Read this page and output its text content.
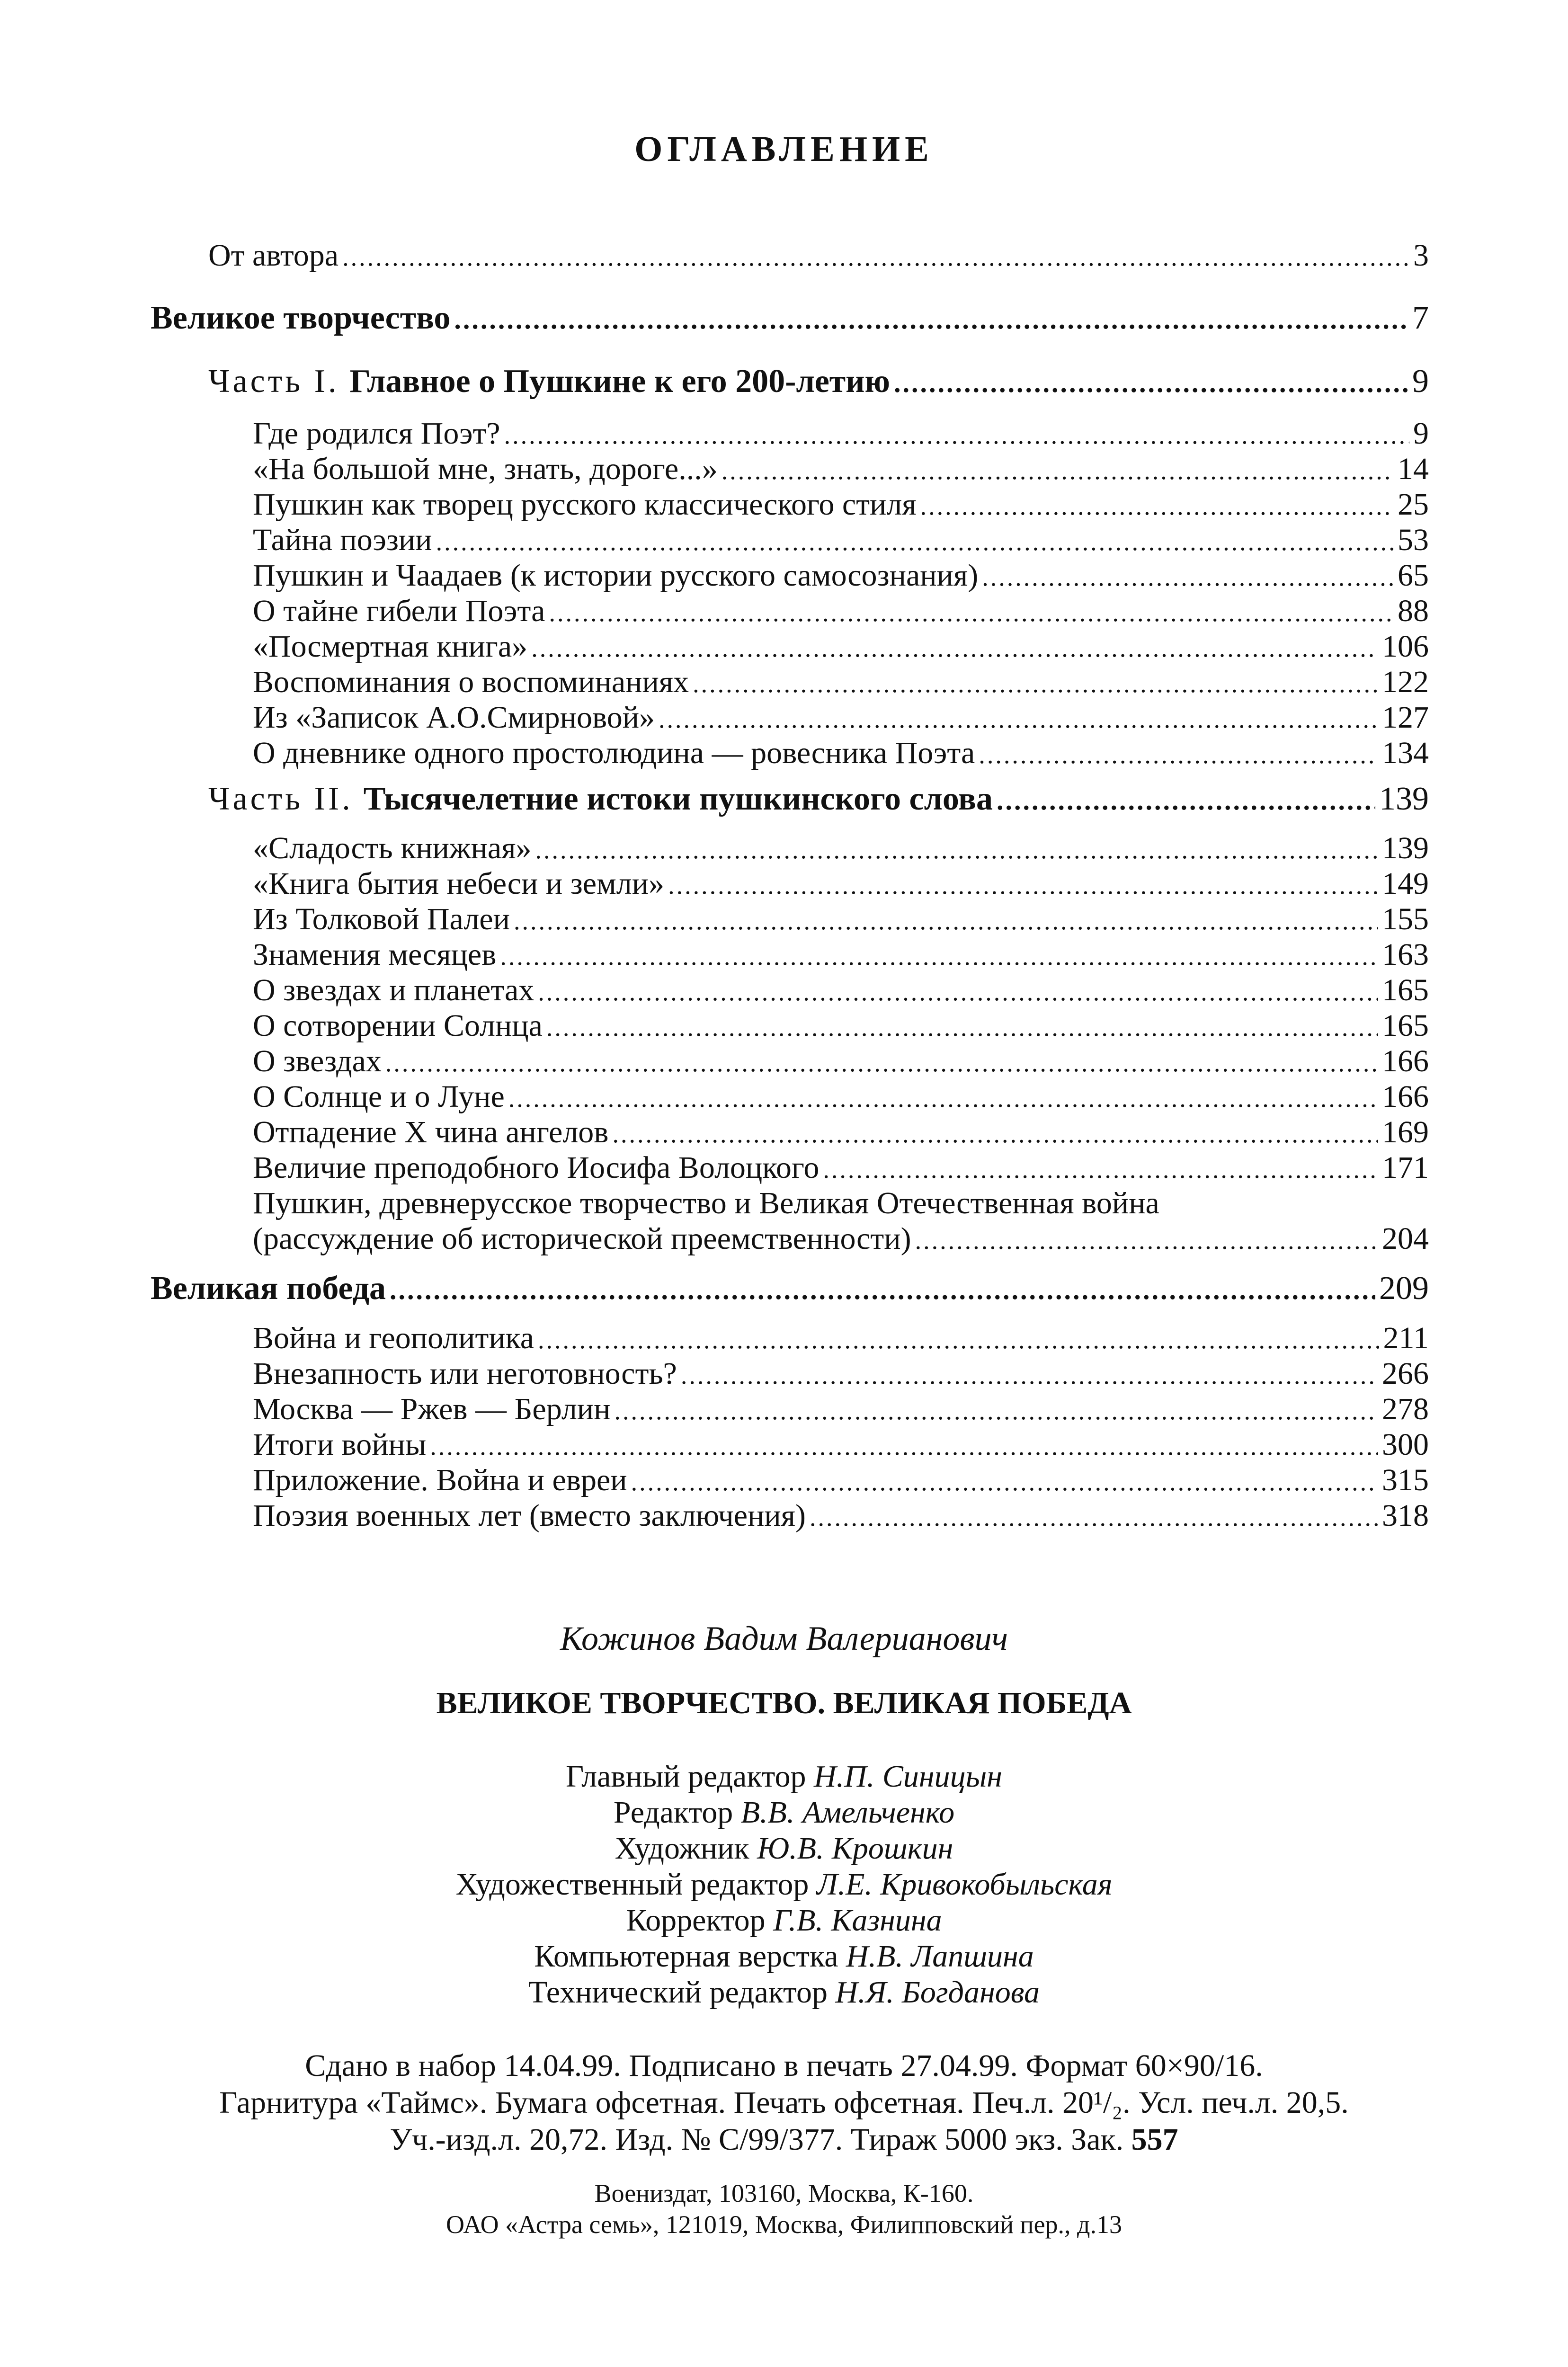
ОГЛАВЛЕНИЕ
От автора .....	3
Великое творчество .....	7
Часть I. Главное о Пушкине к его 200-летию .....	9
Где родился Поэт? .....	9
«На большой мне, знать, дороге...» .....	14
Пушкин как творец русского классического стиля .....	25
Тайна поэзии .....	53
Пушкин и Чаадаев (к истории русского самосознания) .....	65
О тайне гибели Поэта .....	88
«Посмертная книга» .....	106
Воспоминания о воспоминаниях .....	122
Из «Записок А.О.Смирновой» .....	127
О дневнике одного простолюдина — ровесника Поэта .....	134
Часть II. Тысячелетние истоки пушкинского слова .....	139
«Сладость книжная» .....	139
«Книга бытия небеси и земли» .....	149
Из Толковой Палеи .....	155
Знамения месяцев .....	163
О звездах и планетах .....	165
О сотворении Солнца .....	165
О звездах .....	166
О Солнце и о Луне .....	166
Отпадение X чина ангелов .....	169
Величие преподобного Иосифа Волоцкого .....	171
Пушкин, древнерусское творчество и Великая Отечественная война
(рассуждение об исторической преемственности) .....	204
Великая победа .....	209
Война и геополитика .....	211
Внезапность или неготовность? .....	266
Москва — Ржев — Берлин .....	278
Итоги войны .....	300
Приложение. Война и евреи .....	315
Поэзия военных лет (вместо заключения) .....	318
Кожинов Вадим Валерианович
ВЕЛИКОЕ ТВОРЧЕСТВО. ВЕЛИКАЯ ПОБЕДА
Главный редактор Н.П. Синицын
Редактор В.В. Амельченко
Художник Ю.В. Крошкин
Художественный редактор Л.Е. Кривокобыльская
Корректор Г.В. Казнина
Компьютерная верстка Н.В. Лапшина
Технический редактор Н.Я. Богданова
Сдано в набор 14.04.99. Подписано в печать 27.04.99. Формат 60×90/16.
Гарнитура «Таймс». Бумага офсетная. Печать офсетная. Печ.л. 20¹/₂. Усл. печ.л. 20,5.
Уч.-изд.л. 20,72. Изд. № С/99/377. Тираж 5000 экз. Зак. 557
Воениздат, 103160, Москва, К-160.
ОАО «Астра семь», 121019, Москва, Филипповский пер., д.13
